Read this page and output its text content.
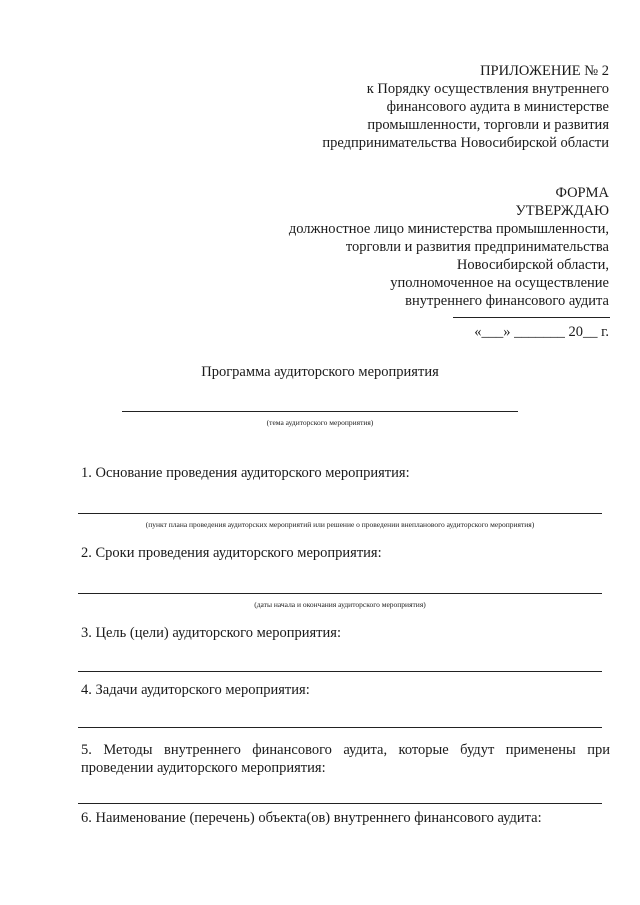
ПРИЛОЖЕНИЕ № 2
к Порядку осуществления внутреннего
финансового аудита в министерстве
промышленности, торговли и развития
предпринимательства Новосибирской области
ФОРМА
УТВЕРЖДАЮ
должностное лицо министерства промышленности,
торговли и развития предпринимательства
Новосибирской области,
уполномоченное на осуществление
внутреннего финансового аудита
«___» _______ 20__ г.
Программа аудиторского мероприятия
(тема аудиторского мероприятия)
1. Основание проведения аудиторского мероприятия:
(пункт плана проведения аудиторских мероприятий или решение о проведении внепланового аудиторского мероприятия)
2. Сроки проведения аудиторского мероприятия:
(даты начала и окончания аудиторского мероприятия)
3. Цель (цели) аудиторского мероприятия:
4. Задачи аудиторского мероприятия:
5. Методы внутреннего финансового аудита, которые будут применены при проведении аудиторского мероприятия:
6. Наименование (перечень) объекта(ов) внутреннего финансового аудита:
